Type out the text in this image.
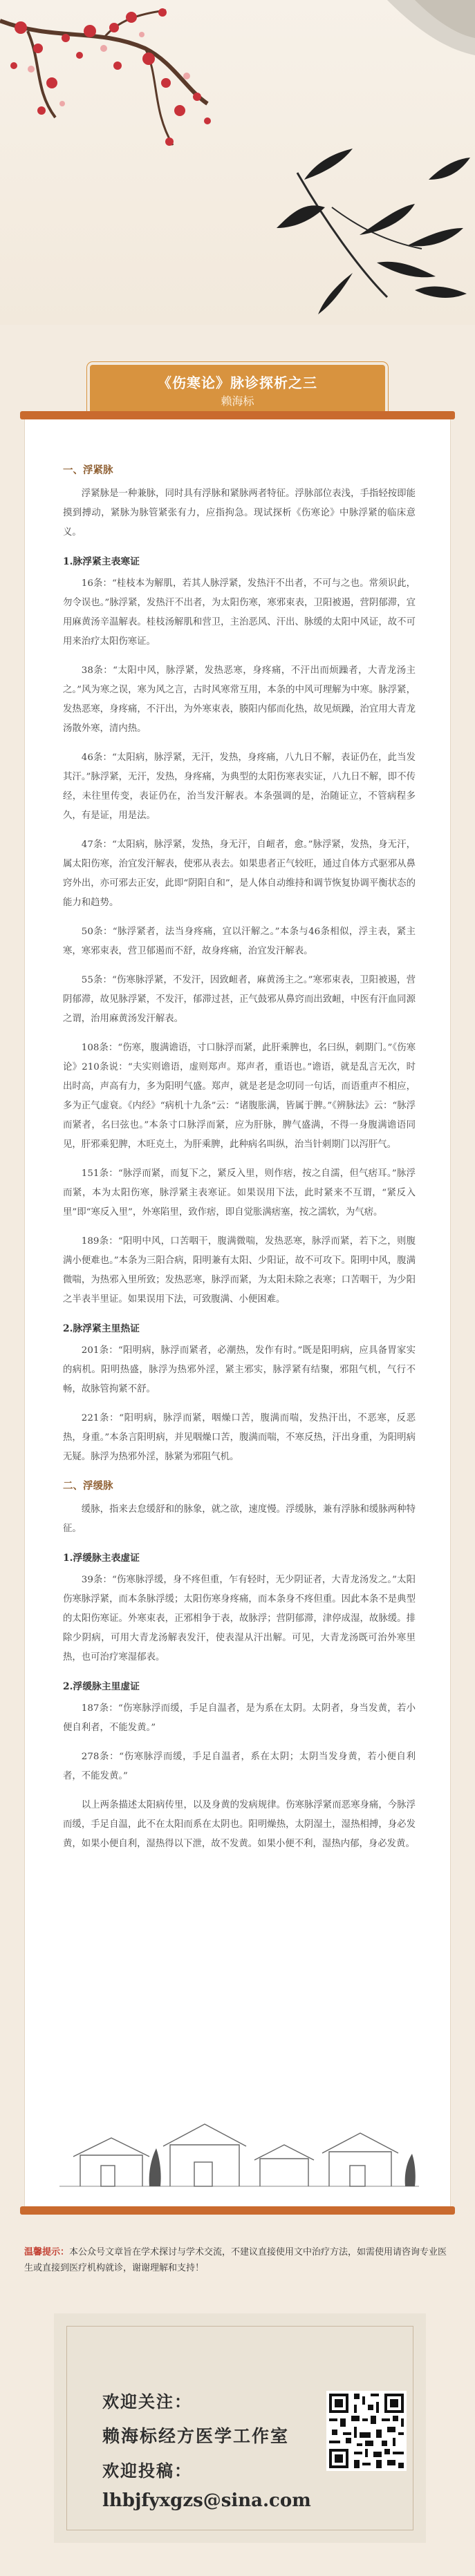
《伤寒论》脉诊探析之三
赖海标
一、浮紧脉

浮紧脉是一种兼脉，同时具有浮脉和紧脉两者特征。浮脉部位表浅，手指轻按即能摸到搏动，紧脉为脉管紧张有力，应指拘急。现试探析《伤寒论》中脉浮紧的临床意义。

1.脉浮紧主表寒证

16条：“桂枝本为解肌，若其人脉浮紧，发热汗不出者，不可与之也。常须识此，勿令误也。”脉浮紧，发热汗不出者，为太阳伤寒，寒邪束表，卫阳被遏，营阴郁滞，宜用麻黄汤辛温解表。桂枝汤解肌和营卫，主治恶风、汗出、脉缓的太阳中风证，故不可用来治疗太阳伤寒证。

38条：“太阳中风，脉浮紧，发热恶寒，身疼痛，不汗出而烦躁者，大青龙汤主之。”风为寒之误，寒为风之言，古时风寒常互用，本条的中风可理解为中寒。脉浮紧，发热恶寒，身疼痛，不汗出，为外寒束表，腠阳内郁而化热，故见烦躁，治宜用大青龙汤散外寒，清内热。

46条：“太阳病，脉浮紧，无汗，发热，身疼痛，八九日不解，表证仍在，此当发其汗。”脉浮紧，无汗，发热，身疼痛，为典型的太阳伤寒表实证，八九日不解，即不传经，未往里传变，表证仍在，治当发汗解表。本条强调的是，治随证立，不管病程多久，有是证，用是法。

47条：“太阳病，脉浮紧，发热，身无汗，自衄者，愈。”脉浮紧，发热，身无汗，属太阳伤寒，治宜发汗解表，使邪从表去。如果患者正气较旺，通过自体方式驱邪从鼻窍外出，亦可邪去正安，此即“阴阳自和”，是人体自动维持和调节恢复协调平衡状态的能力和趋势。

50条：“脉浮紧者，法当身疼痛，宜以汗解之。”本条与46条相似，浮主表，紧主寒，寒邪束表，营卫郁遏而不舒，故身疼痛，治宜发汗解表。

55条：“伤寒脉浮紧，不发汗，因致衄者，麻黄汤主之。”寒邪束表，卫阳被遏，营阴郁滞，故见脉浮紧，不发汗，郁滞过甚，正气鼓邪从鼻窍而出致衄，中医有汗血同源之谓，治用麻黄汤发汗解表。

108条：“伤寒，腹满谵语，寸口脉浮而紧，此肝乘脾也，名曰纵，刺期门。”《伤寒论》210条说：“夫实则谵语，虚则郑声。郑声者，重语也。”谵语，就是乱言无次，时出时高，声高有力，多为阳明气盛。郑声，就是老是念叨同一句话，而语重声不相应，多为正气虚衰。《内经》“病机十九条”云：“诸腹胀满，皆属于脾。”《辨脉法》云：“脉浮而紧者，名曰弦也。”本条寸口脉浮而紧，应为肝脉，脾气盛满，不得一身腹满谵语同见，肝邪乘犯脾，木旺克土，为肝乘脾，此种病名叫纵，治当针刺期门以泻肝气。

151条：“脉浮而紧，而复下之，紧反入里，则作痞，按之自濡，但气痞耳。”脉浮而紧，本为太阳伤寒，脉浮紧主表寒证。如果误用下法，此时紧来不互谓，“紧反入里”即“寒反入里”，外寒陷里，致作痞，即自觉胀满痞塞，按之濡软，为气痞。

189条：“阳明中风，口苦咽干，腹满微喘，发热恶寒，脉浮而紧，若下之，则腹满小便难也。”本条为三阳合病，阳明兼有太阳、少阳证，故不可攻下。阳明中风，腹满微喘，为热邪入里所致；发热恶寒，脉浮而紧，为太阳未除之表寒；口苦咽干，为少阳之半表半里证。如果误用下法，可致腹满、小便困难。

2.脉浮紧主里热证

201条：“阳明病，脉浮而紧者，必潮热，发作有时。”既是阳明病，应具备胃家实的病机。阳明热盛，脉浮为热邪外淫，紧主邪实，脉浮紧有结聚，邪阻气机，气行不畅，故脉管拘紧不舒。

221条：“阳明病，脉浮而紧，咽燥口苦，腹满而喘，发热汗出，不恶寒，反恶热，身重。”本条言阳明病，并见咽燥口苦，腹满而喘，不寒反热，汗出身重，为阳明病无疑。脉浮为热邪外淫，脉紧为邪阻气机。

二、浮缓脉

缓脉，指来去怠缓舒和的脉象，就之欲，速度慢。浮缓脉，兼有浮脉和缓脉两种特征。

1.浮缓脉主表虚证

39条：“伤寒脉浮缓，身不疼但重，乍有轻时，无少阴证者，大青龙汤发之。”太阳伤寒脉浮紧，而本条脉浮缓；太阳伤寒身疼痛，而本条身不疼但重。因此本条不是典型的太阳伤寒证。外寒束表，正邪相争于表，故脉浮；营阴郁滞，津停成湿，故脉缓。排除少阴病，可用大青龙汤解表发汗，使表湿从汗出解。可见，大青龙汤既可治外寒里热，也可治疗寒湿郁表。

2.浮缓脉主里虚证

187条：“伤寒脉浮而缓，手足自温者，是为系在太阴。太阴者，身当发黄，若小便自利者，不能发黄。”

278条：“伤寒脉浮而缓，手足自温者，系在太阴；太阴当发身黄，若小便自利者，不能发黄。”

以上两条描述太阳病传里，以及身黄的发病规律。伤寒脉浮紧而恶寒身痛，今脉浮而缓，手足自温，此不在太阳而系在太阴也。阳明燥热，太阴湿土，湿热相搏，身必发黄，如果小便自利，湿热得以下泄，故不发黄。如果小便不利，湿热内郁，身必发黄。

温馨提示：本公众号文章旨在学术探讨与学术交流，不建议直接使用文中治疗方法，如需使用请咨询专业医生或直接到医疗机构就诊，谢谢理解和支持！
欢迎关注：
赖海标经方医学工作室
欢迎投稿：
lhbjfyxgzs@sina.com
